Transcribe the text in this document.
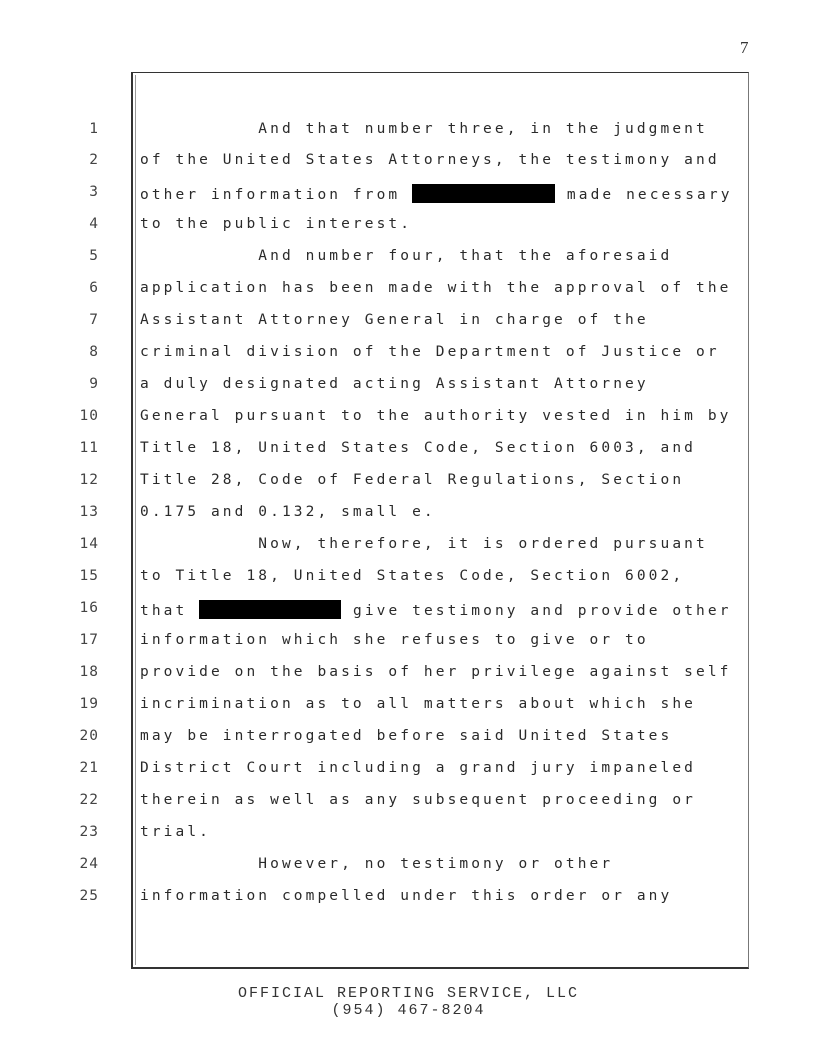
7
1	And that number three, in the judgment
2	of the United States Attorneys, the testimony and
3	other information from	made necessary
4	to the public interest.
5	And number four, that the aforesaid
6	application has been made with the approval of the
7	Assistant Attorney General in charge of the
8	criminal division of the Department of Justice or
9	a duly designated acting Assistant Attorney
10	General pursuant to the authority vested in him by
11	Title 18, United States Code, Section 6003, and
12	Title 28, Code of Federal Regulations, Section
13	0.175 and 0.132, small e.
14	Now, therefore, it is ordered pursuant
15	to Title 18, United States Code, Section 6002,
16	that	give testimony and provide other
17	information which she refuses to give or to
18	provide on the basis of her privilege against self
19	incrimination as to all matters about which she
20	may be interrogated before said United States
21	District Court including a grand jury impaneled
22	therein as well as any subsequent proceeding or
23	trial.
24	However, no testimony or other
25	information compelled under this order or any
OFFICIAL REPORTING SERVICE, LLC
(954) 467-8204
